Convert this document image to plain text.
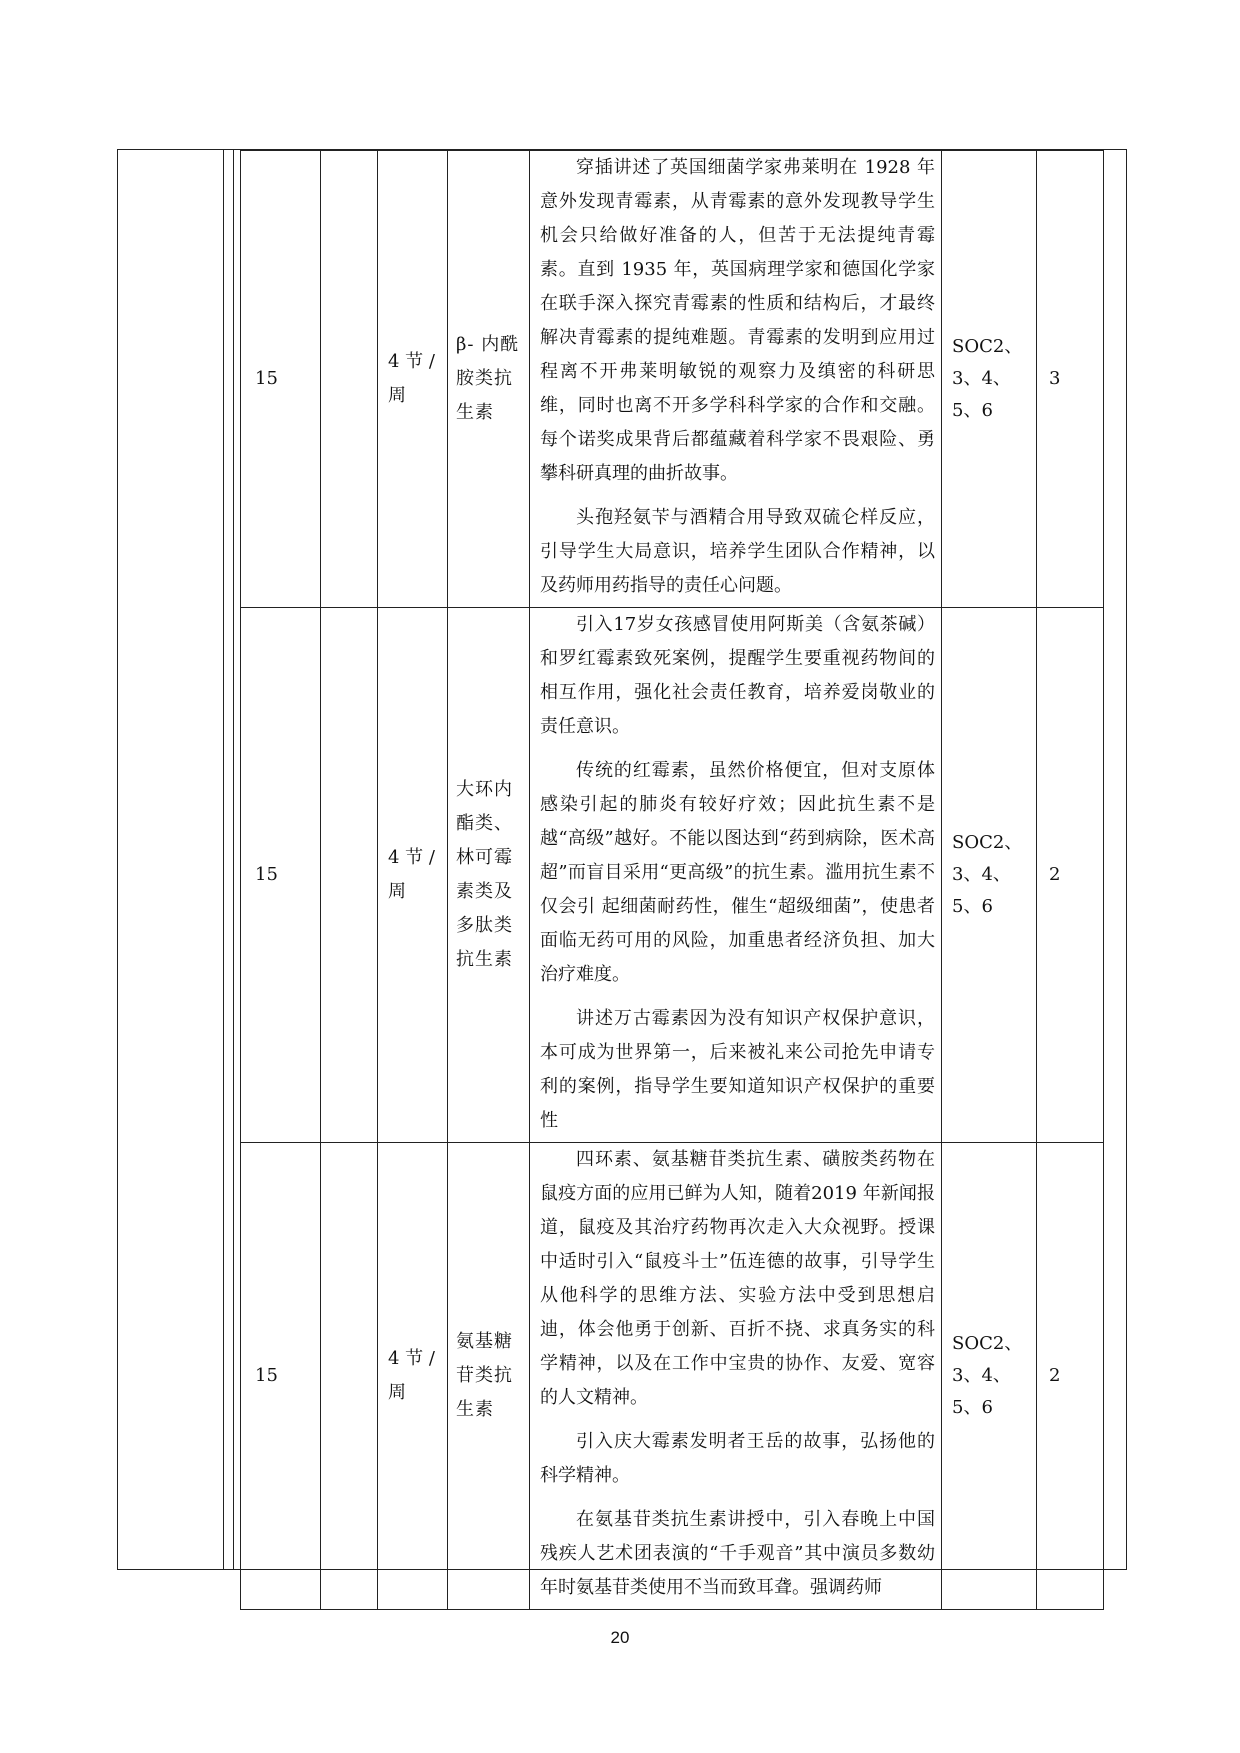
15		4 节 / 周	β- 内酰胺类抗生素	穿插讲述了英国细菌学家弗莱明在 1928 年意外发现青霉素，从青霉素的意外发现教导学生机会只给做好准备的人，但苦于无法提纯青霉素。直到 1935 年，英国病理学家和德国化学家在联手深入探究青霉素的性质和结构后，才最终解决青霉素的提纯难题。青霉素的发明到应用过程离不开弗莱明敏锐的观察力及缜密的科研思维，同时也离不开多学科科学家的合作和交融。每个诺奖成果背后都蕴藏着科学家不畏艰险、勇攀科研真理的曲折故事。

头孢羟氨苄与酒精合用导致双硫仑样反应，引导学生大局意识，培养学生团队合作精神，以及药师用药指导的责任心问题。	SOC2、3、4、5、6	3
15		4 节 / 周	大环内酯类、林可霉素类及多肽类抗生素	引入17岁女孩感冒使用阿斯美（含氨茶碱）和罗红霉素致死案例，提醒学生要重视药物间的相互作用，强化社会责任教育，培养爱岗敬业的责任意识。

传统的红霉素，虽然价格便宜，但对支原体感染引起的肺炎有较好疗效；因此抗生素不是越“高级”越好。不能以图达到“药到病除，医术高 超”而盲目采用“更高级”的抗生素。滥用抗生素不仅会引 起细菌耐药性，催生“超级细菌”，使患者面临无药可用的风险，加重患者经济负担、加大治疗难度。

讲述万古霉素因为没有知识产权保护意识，本可成为世界第一，后来被礼来公司抢先申请专利的案例，指导学生要知道知识产权保护的重要性	SOC2、3、4、5、6	2
15		4 节 / 周	氨基糖苷类抗生素	四环素、氨基糖苷类抗生素、磺胺类药物在鼠疫方面的应用已鲜为人知，随着2019 年新闻报道，鼠疫及其治疗药物再次走入大众视野。授课中适时引入“鼠疫斗士”伍连德的故事，引导学生从他科学的思维方法、实验方法中受到思想启迪，体会他勇于创新、百折不挠、求真务实的科学精神，以及在工作中宝贵的协作、友爱、宽容的人文精神。

引入庆大霉素发明者王岳的故事，弘扬他的科学精神。

在氨基苷类抗生素讲授中，引入春晚上中国残疾人艺术团表演的“千手观音”其中演员多数幼年时氨基苷类使用不当而致耳聋。强调药师	SOC2、3、4、5、6	2
20
